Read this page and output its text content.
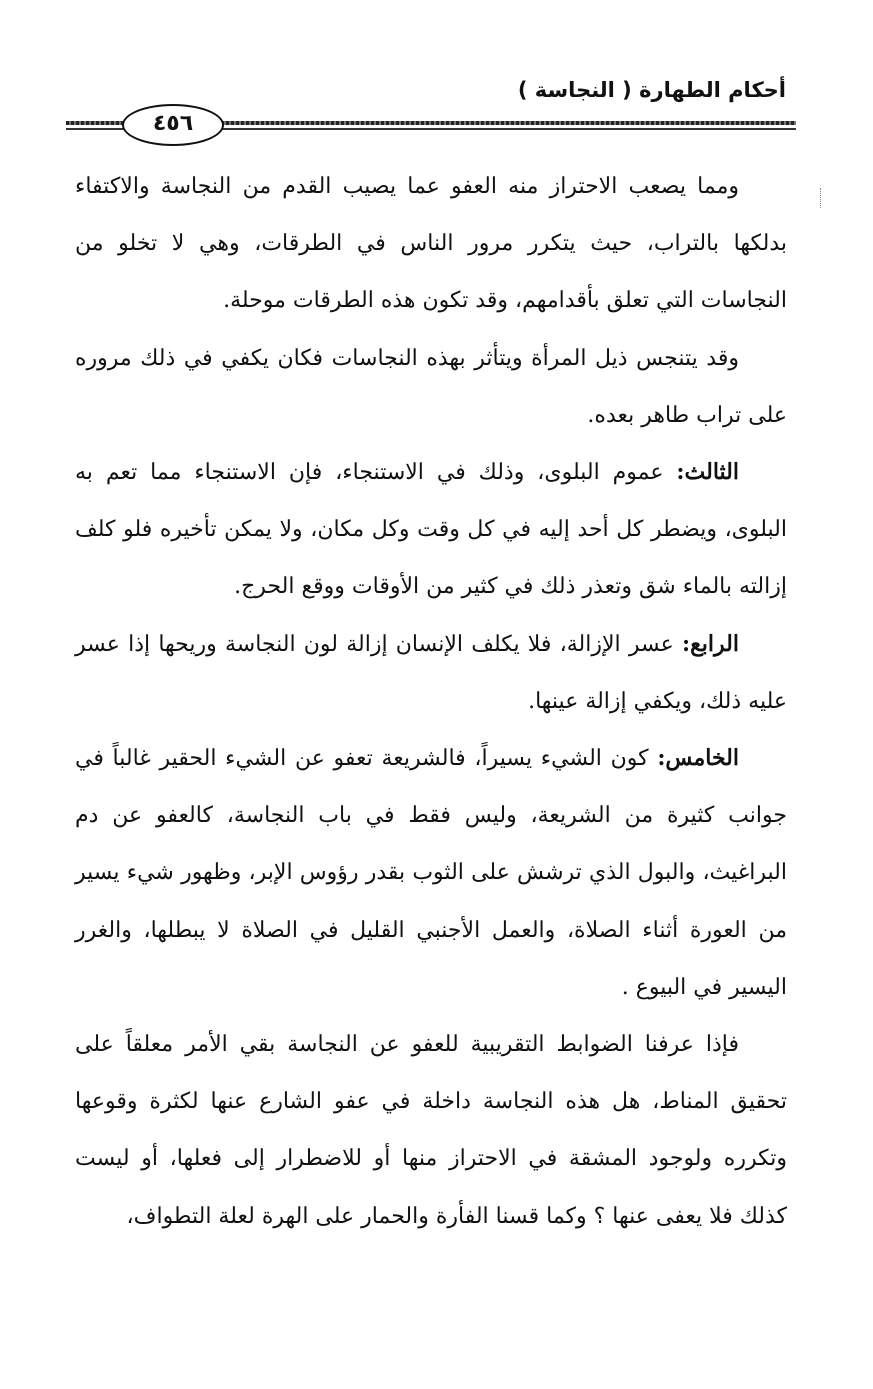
أحكام الطهارة ( النجاسة )
٤٥٦

ومما يصعب الاحتراز منه العفو عما يصيب القدم من النجاسة والاكتفاء بدلكها بالتراب، حيث يتكرر مرور الناس في الطرقات، وهي لا تخلو من النجاسات التي تعلق بأقدامهم، وقد تكون هذه الطرقات موحلة.

وقد يتنجس ذيل المرأة ويتأثر بهذه النجاسات فكان يكفي في ذلك مروره على تراب طاهر بعده.

الثالث: عموم البلوى، وذلك في الاستنجاء، فإن الاستنجاء مما تعم به البلوى، ويضطر كل أحد إليه في كل وقت وكل مكان، ولا يمكن تأخيره فلو كلف إزالته بالماء شق وتعذر ذلك في كثير من الأوقات ووقع الحرج.

الرابع: عسر الإزالة، فلا يكلف الإنسان إزالة لون النجاسة وريحها إذا عسر عليه ذلك، ويكفي إزالة عينها.

الخامس: كون الشيء يسيراً، فالشريعة تعفو عن الشيء الحقير غالباً في جوانب كثيرة من الشريعة، وليس فقط في باب النجاسة، كالعفو عن دم البراغيث، والبول الذي ترشش على الثوب بقدر رؤوس الإبر، وظهور شيء يسير من العورة أثناء الصلاة، والعمل الأجنبي القليل في الصلاة لا يبطلها، والغرر اليسير في البيوع .

فإذا عرفنا الضوابط التقريبية للعفو عن النجاسة بقي الأمر معلقاً على تحقيق المناط، هل هذه النجاسة داخلة في عفو الشارع عنها لكثرة وقوعها وتكرره ولوجود المشقة في الاحتراز منها أو للاضطرار إلى فعلها، أو ليست كذلك فلا يعفى عنها ؟ وكما قسنا الفأرة والحمار على الهرة لعلة التطواف،
